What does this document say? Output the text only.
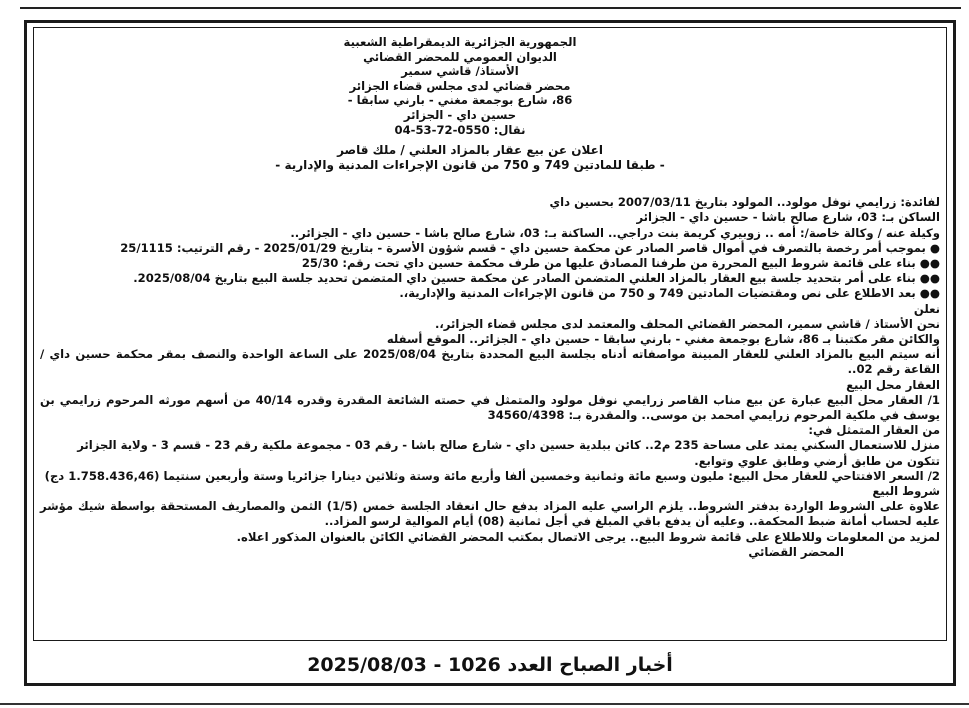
الجمهورية الجزائرية الديمقراطية الشعبية
الديوان العمومي للمحضر القضائي
الأستاذ/ قاشي سمير
محضر قضائي لدى مجلس قضاء الجزائر
86، شارع بوجمعة مغني - بارني سابقا -
حسين داي - الجزائر
نقال: 0550-72-53-04
اعلان عن بيع عقار بالمزاد العلني / ملك قاصر
- طبقا للمادتين 749 و 750 من قانون الإجراءات المدنية والإدارية -

لفائدة: زرايمي نوفل مولود.. المولود بتاريخ 2007/03/11 بحسين داي

الساكن بـ: 03، شارع صالح باشا - حسين داي - الجزائر

وكيلة عنه / وكالة خاصة/: أمه .. زوبيري كريمة بنت دراجي.. الساكنة بـ: 03، شارع صالح باشا - حسين داي - الجزائر..

● بموجب أمر رخصة بالتصرف في أموال قاصر الصادر عن محكمة حسين داي - قسم شؤون الأسرة - بتاريخ 2025/01/29 - رقم الترتيب: 25/1115

●● بناء على قائمة شروط البيع المحررة من طرفنا المصادق عليها من طرف محكمة حسين داي تحت رقم: 25/30

●● بناء على أمر بتحديد جلسة بيع العقار بالمزاد العلني المتضمن الصادر عن محكمة حسين داي المتضمن تحديد جلسة البيع بتاريخ 2025/08/04.

●● بعد الاطلاع على نص ومقتضيات المادتين 749 و 750 من قانون الإجراءات المدنية والإدارية،.

نعلن

نحن الأستاذ / قاشي سمير، المحضر القضائي المحلف والمعتمد لدى مجلس قضاء الجزائر،.

والكائن مقر مكتبنا بـ 86، شارع بوجمعة مغني - بارني سابقا - حسين داي - الجزائر.. الموقع أسفله

أنه سيتم البيع بالمزاد العلني للعقار المبينة مواصفاته أدناه بجلسة البيع المحددة بتاريخ 2025/08/04 على الساعة الواحدة والنصف بمقر محكمة حسين داي / القاعة رقم 02..

العقار محل البيع

1/ العقار محل البيع عبارة عن بيع مناب القاصر زرايمي نوفل مولود والمتمثل في حصته الشائعة المقدرة وقدره 40/14 من أسهم مورثه المرحوم زرايمي بن يوسف في ملكية المرحوم زرايمي امحمد بن موسى.. والمقدرة بـ: 34560/4398

من العقار المتمثل في:

منزل للاستعمال السكني يمتد على مساحة 235 م2.. كائن ببلدية حسين داي - شارع صالح باشا - رقم 03 - مجموعة ملكية رقم 23 - قسم 3 - ولاية الجزائر

تتكون من طابق أرضي وطابق علوي وتوابع.

2/ السعر الافتتاحي للعقار محل البيع: مليون وسبع مائة وثمانية وخمسين ألفا وأربع مائة وستة وثلاثين دينارا جزائريا وستة وأربعين سنتيما (1.758.436,46 دج)

شروط البيع

علاوة على الشروط الواردة بدفتر الشروط.. يلزم الراسي عليه المزاد بدفع حال انعقاد الجلسة خمس (1/5) الثمن والمصاريف المستحقة بواسطة شيك مؤشر عليه لحساب أمانة ضبط المحكمة.. وعليه أن يدفع باقي المبلغ في أجل ثمانية (08) أيام الموالية لرسو المزاد..

لمزيد من المعلومات وللاطلاع على قائمة شروط البيع.. يرجى الاتصال بمكتب المحضر القضائي الكائن بالعنوان المذكور اعلاه.

المحضر القضائي

أخبار الصباح العدد 1026 - 2025/08/03
